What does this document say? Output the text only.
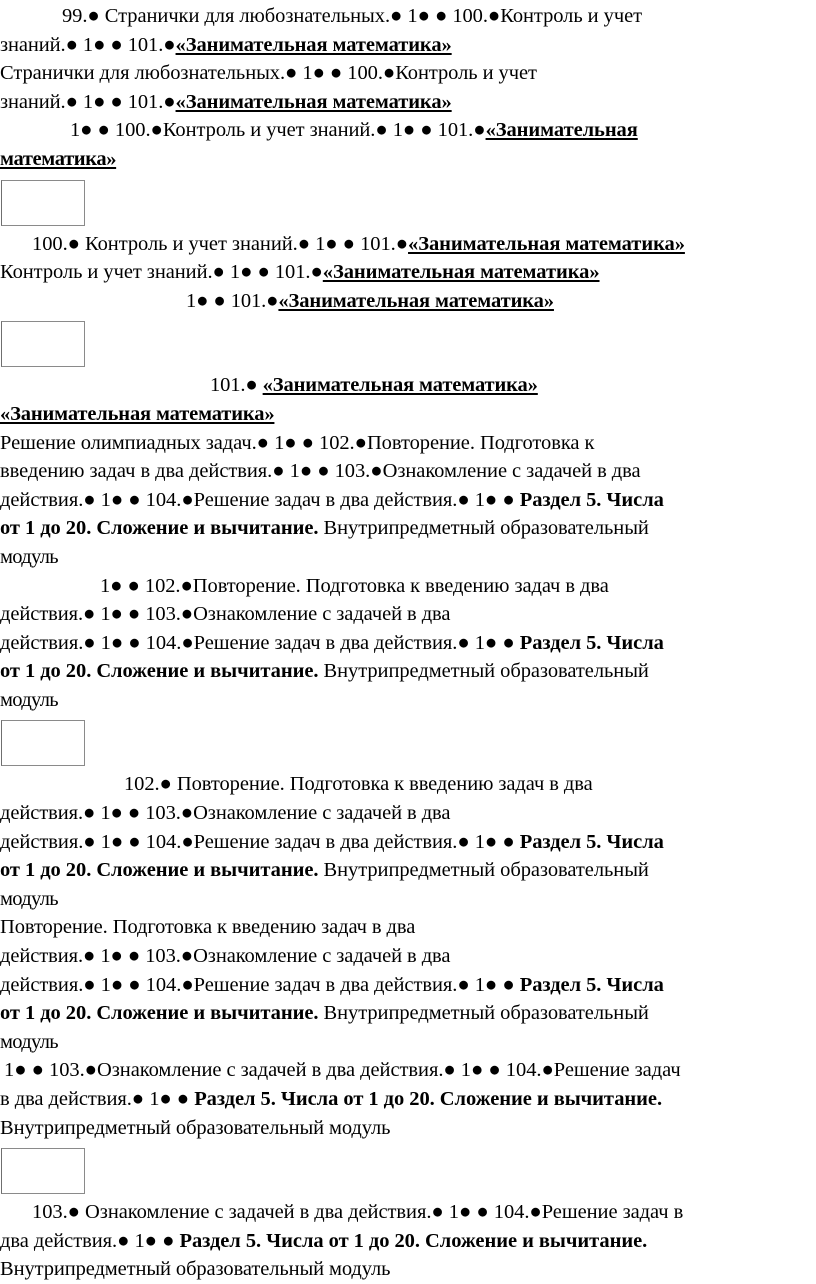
99.● Странички для любознательных.● 1● ● 100.●Контроль и учет
знаний.● 1● ● 101.●«Занимательная математика»
Странички для любознательных.● 1● ● 100.●Контроль и учет
знаний.● 1● ● 101.●«Занимательная математика»
1● ● 100.●Контроль и учет знаний.● 1● ● 101.●«Занимательная
математика»
100.● Контроль и учет знаний.● 1● ● 101.●«Занимательная математика»
Контроль и учет знаний.● 1● ● 101.●«Занимательная математика»
1● ● 101.●«Занимательная математика»
101.● «Занимательная математика»
«Занимательная математика»
Решение олимпиадных задач.● 1● ● 102.●Повторение. Подготовка к
введению задач в два действия.● 1● ● 103.●Ознакомление с задачей в два
действия.● 1● ● 104.●Решение задач в два действия.● 1● ● Раздел 5. Числа
от 1 до 20. Сложение и вычитание. Внутрипредметный образовательный
модуль
1● ● 102.●Повторение. Подготовка к введению задач в два
действия.● 1● ● 103.●Ознакомление с задачей в два
действия.● 1● ● 104.●Решение задач в два действия.● 1● ● Раздел 5. Числа
от 1 до 20. Сложение и вычитание. Внутрипредметный образовательный
модуль
102.● Повторение. Подготовка к введению задач в два
действия.● 1● ● 103.●Ознакомление с задачей в два
действия.● 1● ● 104.●Решение задач в два действия.● 1● ● Раздел 5. Числа
от 1 до 20. Сложение и вычитание. Внутрипредметный образовательный
модуль
Повторение. Подготовка к введению задач в два
действия.● 1● ● 103.●Ознакомление с задачей в два
действия.● 1● ● 104.●Решение задач в два действия.● 1● ● Раздел 5. Числа
от 1 до 20. Сложение и вычитание. Внутрипредметный образовательный
модуль
1● ● 103.●Ознакомление с задачей в два действия.● 1● ● 104.●Решение задач
в два действия.● 1● ● Раздел 5. Числа от 1 до 20. Сложение и вычитание.
Внутрипредметный образовательный модуль
103.● Ознакомление с задачей в два действия.● 1● ● 104.●Решение задач в
два действия.● 1● ● Раздел 5. Числа от 1 до 20. Сложение и вычитание.
Внутрипредметный образовательный модуль
